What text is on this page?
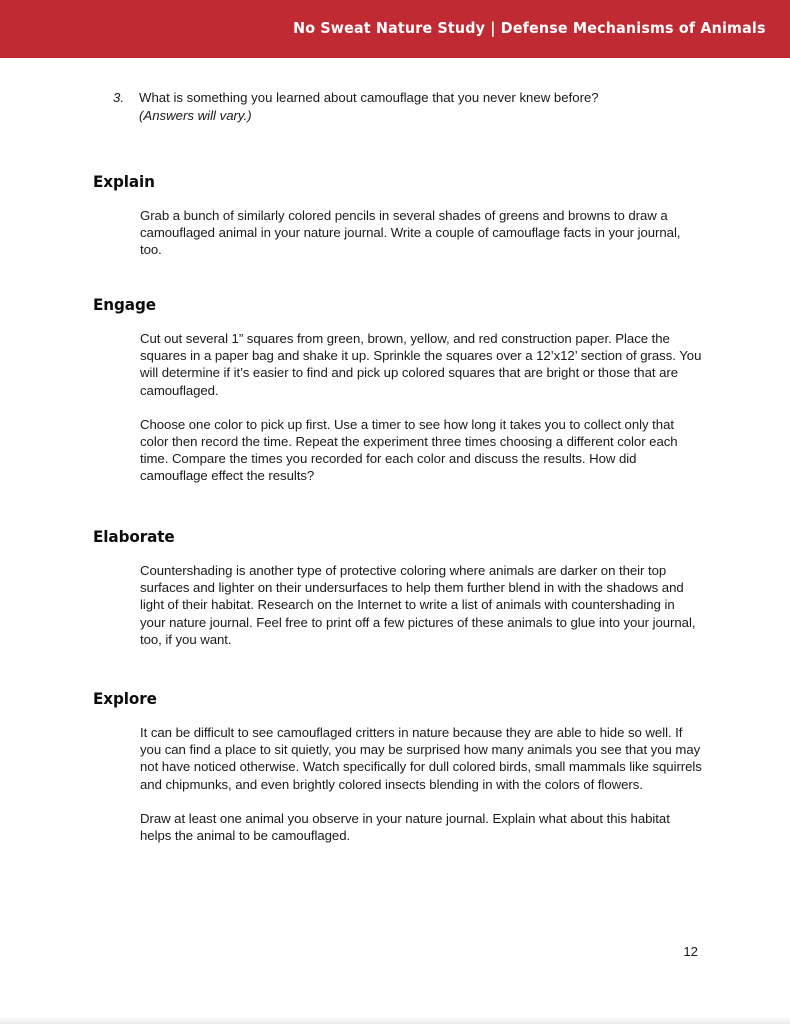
No Sweat Nature Study | Defense Mechanisms of Animals
3.	What is something you learned about camouflage that you never knew before?
(Answers will vary.)
Explain

Grab a bunch of similarly colored pencils in several shades of greens and browns to draw a camouflaged animal in your nature journal. Write a couple of camouflage facts in your journal, too.

Engage

Cut out several 1” squares from green, brown, yellow, and red construction paper. Place the squares in a paper bag and shake it up. Sprinkle the squares over a 12’x12’ section of grass. You will determine if it’s easier to find and pick up colored squares that are bright or those that are camouflaged.

Choose one color to pick up first. Use a timer to see how long it takes you to collect only that color then record the time. Repeat the experiment three times choosing a different color each time. Compare the times you recorded for each color and discuss the results. How did camouflage effect the results?

Elaborate

Countershading is another type of protective coloring where animals are darker on their top surfaces and lighter on their undersurfaces to help them further blend in with the shadows and light of their habitat. Research on the Internet to write a list of animals with countershading in your nature journal. Feel free to print off a few pictures of these animals to glue into your journal, too, if you want.

Explore

It can be difficult to see camouflaged critters in nature because they are able to hide so well. If you can find a place to sit quietly, you may be surprised how many animals you see that you may not have noticed otherwise. Watch specifically for dull colored birds, small mammals like squirrels and chipmunks, and even brightly colored insects blending in with the colors of flowers.

Draw at least one animal you observe in your nature journal. Explain what about this habitat helps the animal to be camouflaged.

12
